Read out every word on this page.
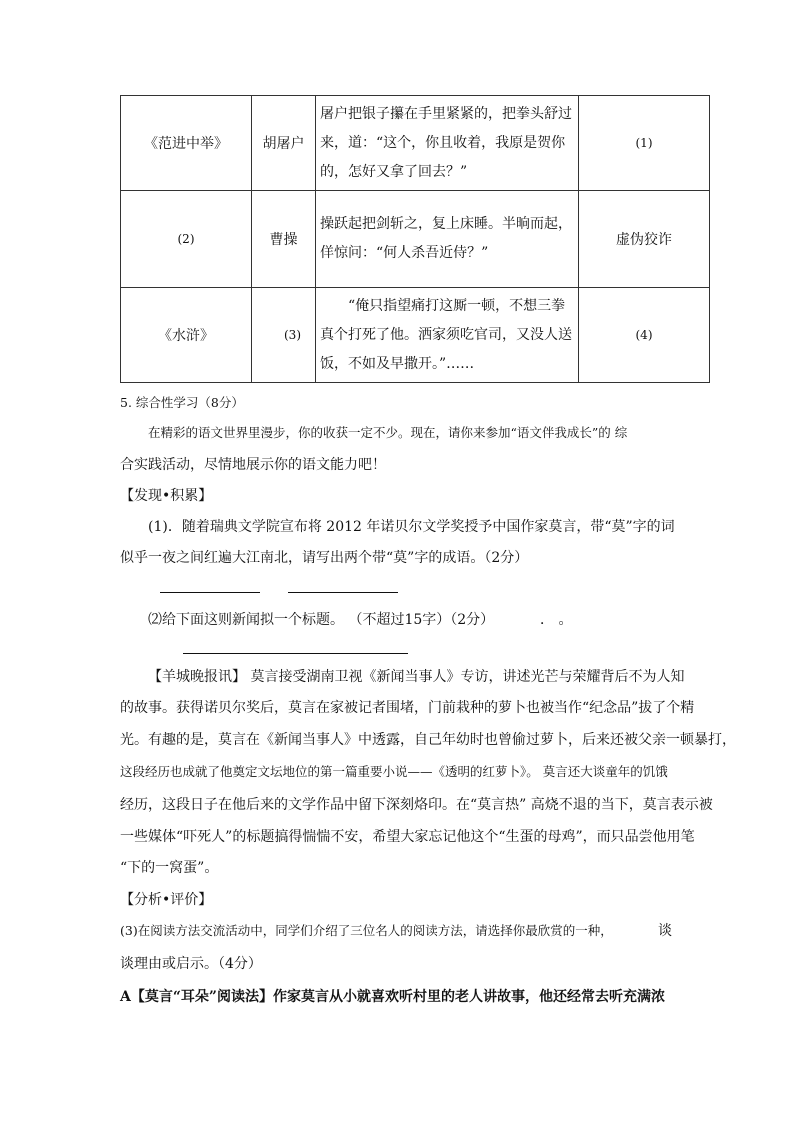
《范进中举》	胡屠户	屠户把银子攥在手里紧紧的，把拳头舒过来，道：“这个，你且收着，我原是贺你的，怎好又拿了回去？”	(1)
(2)	曹操	操跃起把剑斩之，复上床睡。半晌而起，佯惊问：“何人杀吾近侍？”	虚伪狡诈
《水浒》	(3)	“俺只指望痛打这厮一顿，不想三拳真个打死了他。洒家须吃官司，又没人送饭，不如及早撒开。”……	(4)
5. 综合性学习（8分）
在精彩的语文世界里漫步，你的收获一定不少。现在，请你来参加“语文伴我成长”的 综
合实践活动，尽情地展示你的语文能力吧！
【发现•积累】
(1)．随着瑞典文学院宣布将 2012 年诺贝尔文学奖授予中国作家莫言，带“莫”字的词
似乎一夜之间红遍大江南北，请写出两个带“莫”字的成语。（2分）
⑵给下面这则新闻拟一个标题。 （不超过15字）（2分）	． 。
【羊城晚报讯】 莫言接受湖南卫视《新闻当事人》专访，讲述光芒与荣耀背后不为人知
的故事。获得诺贝尔奖后，莫言在家被记者围堵，门前栽种的萝卜也被当作“纪念品”拔了个精
光。有趣的是，莫言在《新闻当事人》中透露，自己年幼时也曾偷过萝卜，后来还被父亲一顿暴打，
这段经历也成就了他奠定文坛地位的第一篇重要小说——《透明的红萝卜》。 莫言还大谈童年的饥饿
经历，这段日子在他后来的文学作品中留下深刻烙印。在“莫言热” 高烧不退的当下，莫言表示被
一些媒体“吓死人”的标题搞得惴惴不安，希望大家忘记他这个“生蛋的母鸡”，而只品尝他用笔
“下的一窝蛋”。
【分析•评价】
(3)在阅读方法交流活动中，同学们介绍了三位名人的阅读方法，请选择你最欣赏的一种，	谈
谈理由或启示。（4分）
A【莫言“耳朵”阅读法】作家莫言从小就喜欢听村里的老人讲故事，他还经常去听充满浓
